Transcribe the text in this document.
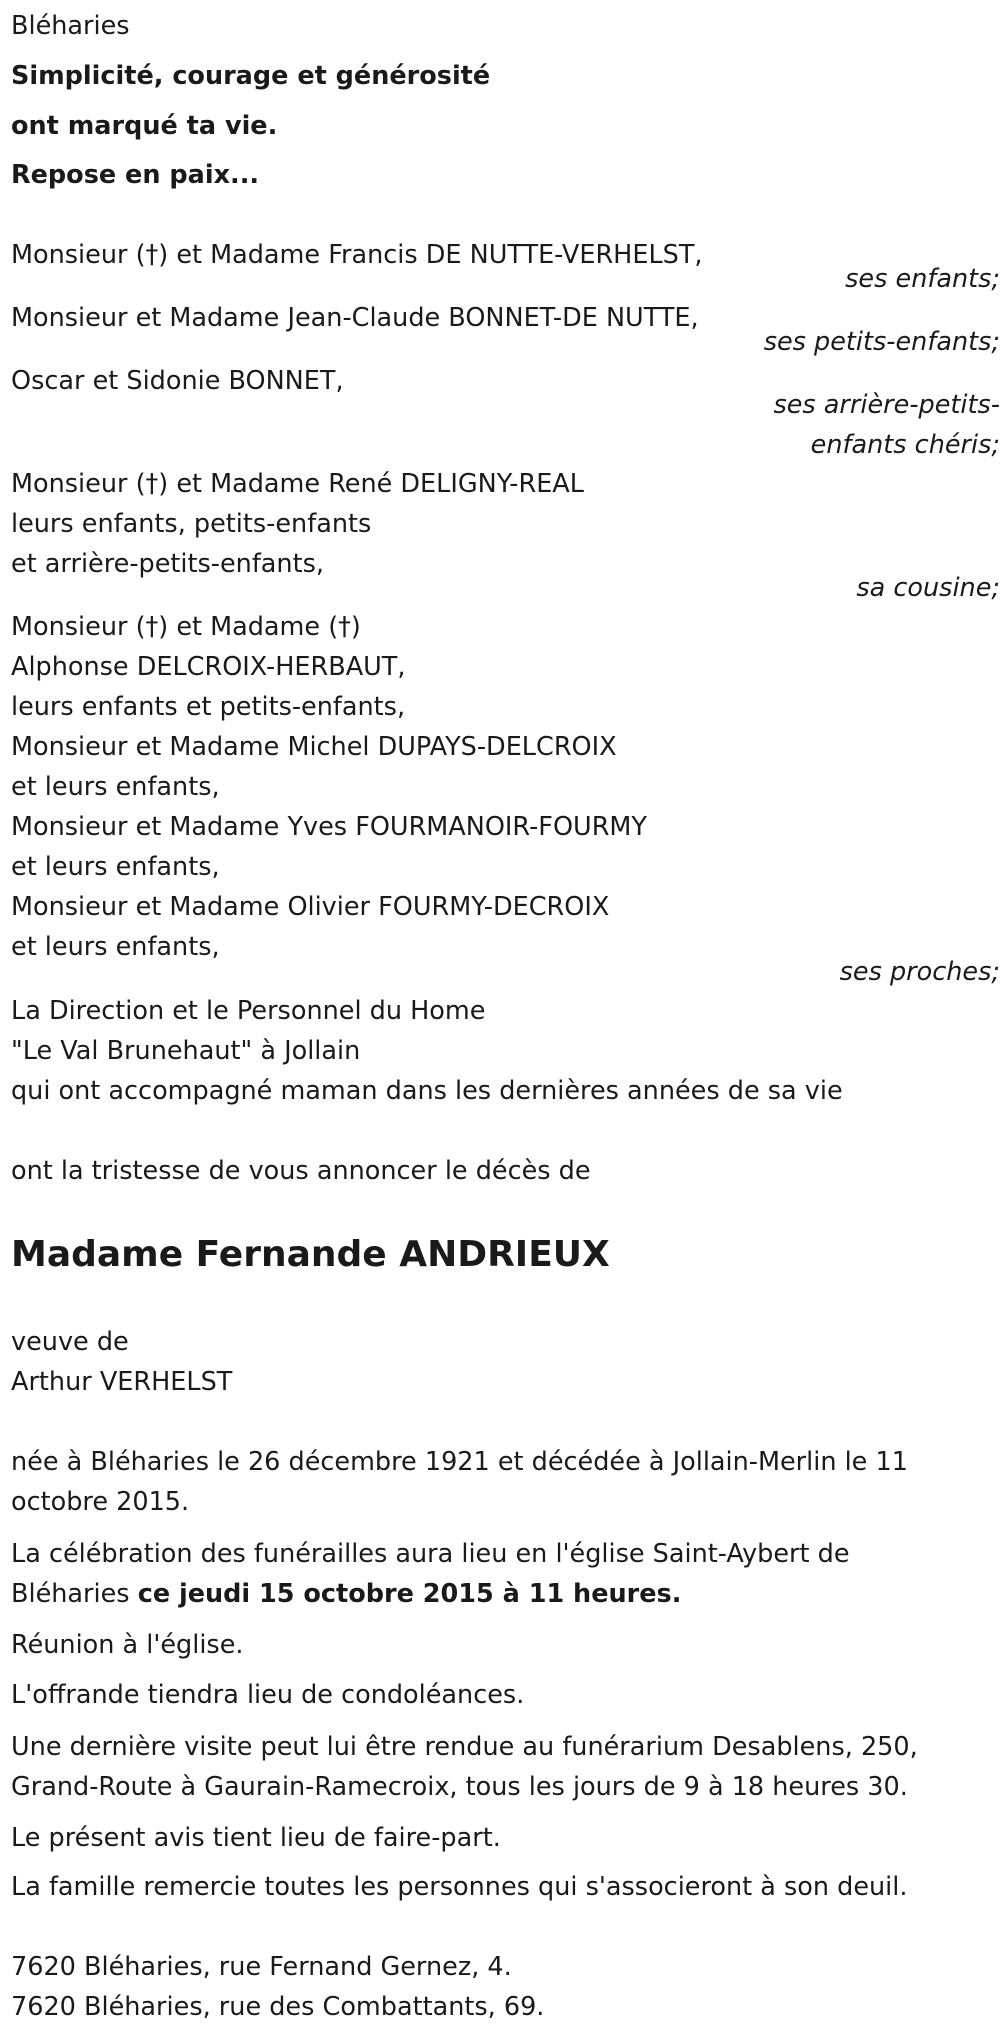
Bléharies
Simplicité, courage et générosité
ont marqué ta vie.
Repose en paix...
Monsieur (†) et Madame Francis DE NUTTE-VERHELST,
ses enfants;
Monsieur et Madame Jean-Claude BONNET-DE NUTTE,
ses petits-enfants;
Oscar et Sidonie BONNET,
ses arrière-petits-
enfants chéris;
Monsieur (†) et Madame René DELIGNY-REAL
leurs enfants, petits-enfants
et arrière-petits-enfants,
sa cousine;
Monsieur (†) et Madame (†)
Alphonse DELCROIX-HERBAUT,
leurs enfants et petits-enfants,
Monsieur et Madame Michel DUPAYS-DELCROIX
et leurs enfants,
Monsieur et Madame Yves FOURMANOIR-FOURMY
et leurs enfants,
Monsieur et Madame Olivier FOURMY-DECROIX
et leurs enfants,
ses proches;
La Direction et le Personnel du Home
"Le Val Brunehaut" à Jollain
qui ont accompagné maman dans les dernières années de sa vie
ont la tristesse de vous annoncer le décès de
Madame Fernande ANDRIEUX
veuve de
Arthur VERHELST
née à Bléharies le 26 décembre 1921 et décédée à Jollain-Merlin le 11
octobre 2015.
La célébration des funérailles aura lieu en l'église Saint-Aybert de
Bléharies ce jeudi 15 octobre 2015 à 11 heures.
Réunion à l'église.
L'offrande tiendra lieu de condoléances.
Une dernière visite peut lui être rendue au funérarium Desablens, 250,
Grand-Route à Gaurain-Ramecroix, tous les jours de 9 à 18 heures 30.
Le présent avis tient lieu de faire-part.
La famille remercie toutes les personnes qui s'associeront à son deuil.
7620 Bléharies, rue Fernand Gernez, 4.
7620 Bléharies, rue des Combattants, 69.
